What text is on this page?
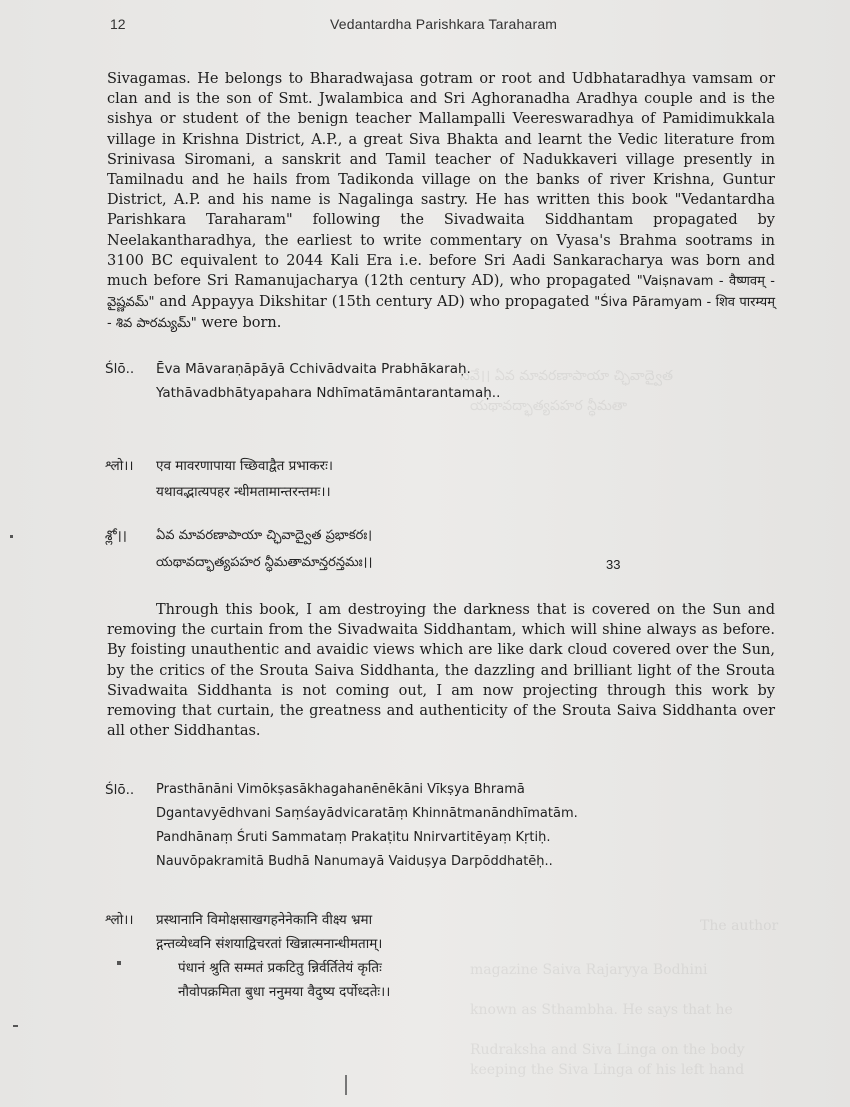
నవే।। ఏవ మావరణాపాయా చ్ఛివాద్వైత
యథావద్భాత్యపహర న్ధీమతా
The author
magazine Saiva Rajaryya Bodhini
known as Sthambha. He says that he
Rudraksha and Siva Linga on the body
keeping the Siva Linga of his left hand
12	Vedantardha Parishkara Taraharam
Sivagamas. He belongs to Bharadwajasa gotram or root and Udbhataradhya vamsam or clan and is the son of Smt. Jwalambica and Sri Aghoranadha Aradhya couple and is the sishya or student of the benign teacher Mallampalli Veereswaradhya of Pamidimukkala village in Krishna District, A.P., a great Siva Bhakta and learnt the Vedic literature from Srinivasa Siromani, a sanskrit and Tamil teacher of Nadukkaveri village presently in Tamilnadu and he hails from Tadikonda village on the banks of river Krishna, Guntur District, A.P. and his name is Nagalinga sastry. He has written this book "Vedantardha Parishkara Taraharam" following the Sivadwaita Siddhantam propagated by Neelakantharadhya, the earliest to write commentary on Vyasa's Brahma sootrams in 3100 BC equivalent to 2044 Kali Era i.e. before Sri Aadi Sankaracharya was born and much before Sri Ramanujacharya (12th century AD), who propagated "Vaiṣnavam - वैष्णवम् - వైష్ణవమ్" and Appayya Dikshitar (15th century AD) who propagated "Śiva Pāramyam - शिव पारम्यम् - శివ పారమ్యమ్" were born.
Ślō.. Ēva Māvaraṇāpāyā Cchivādvaita Prabhākaraḥ.
Yathāvadbhātyapahara Ndhīmatāmāntarantamaḥ..
श्लो।। एव मावरणापाया च्छिवाद्वैत प्रभाकरः।
यथावद्भात्यपहर न्धीमतामान्तरन्तमः।।
శ్లో।। ఏవ మావరణాపాయా చ్ఛివాద్వైత ప్రభాకరః।
యథావద్భాత్యపహర న్ధీమతామాన్తరన్తమః।।	33
Through this book, I am destroying the darkness that is covered on the Sun and removing the curtain from the Sivadwaita Siddhantam, which will shine always as before. By foisting unauthentic and avaidic views which are like dark cloud covered over the Sun, by the critics of the Srouta Saiva Siddhanta, the dazzling and brilliant light of the Srouta Sivadwaita Siddhanta is not coming out, I am now projecting through this work by removing that curtain, the greatness and authenticity of the Srouta Saiva Siddhanta over all other Siddhantas.
Ślō.. Prasthānāni Vimōkṣasākhagahanēnēkāni Vīkṣya Bhramā
Dgantavyēdhvani Saṃśayādvicaratāṃ Khinnātmanāndhīmatām.
Pandhānaṃ Śruti Sammataṃ Prakaṭitu Nnirvartitēyaṃ Kṛtiḥ.
Nauvōpakramitā Budhā Nanumayā Vaiduṣya Darpōddhatēḥ..
श्लो।। प्रस्थानानि विमोक्षसाखगहनेनेकानि वीक्ष्य भ्रमा
द्गन्तव्येध्वनि संशयाद्विचरतां खिन्नात्मनान्धीमताम्।
पंधानं श्रुति सम्मतं प्रकटितु न्निर्वर्तितेयं कृतिः
नौवोपक्रमिता बुधा ननुमया वैदुष्य दर्पोध्दतेः।।
